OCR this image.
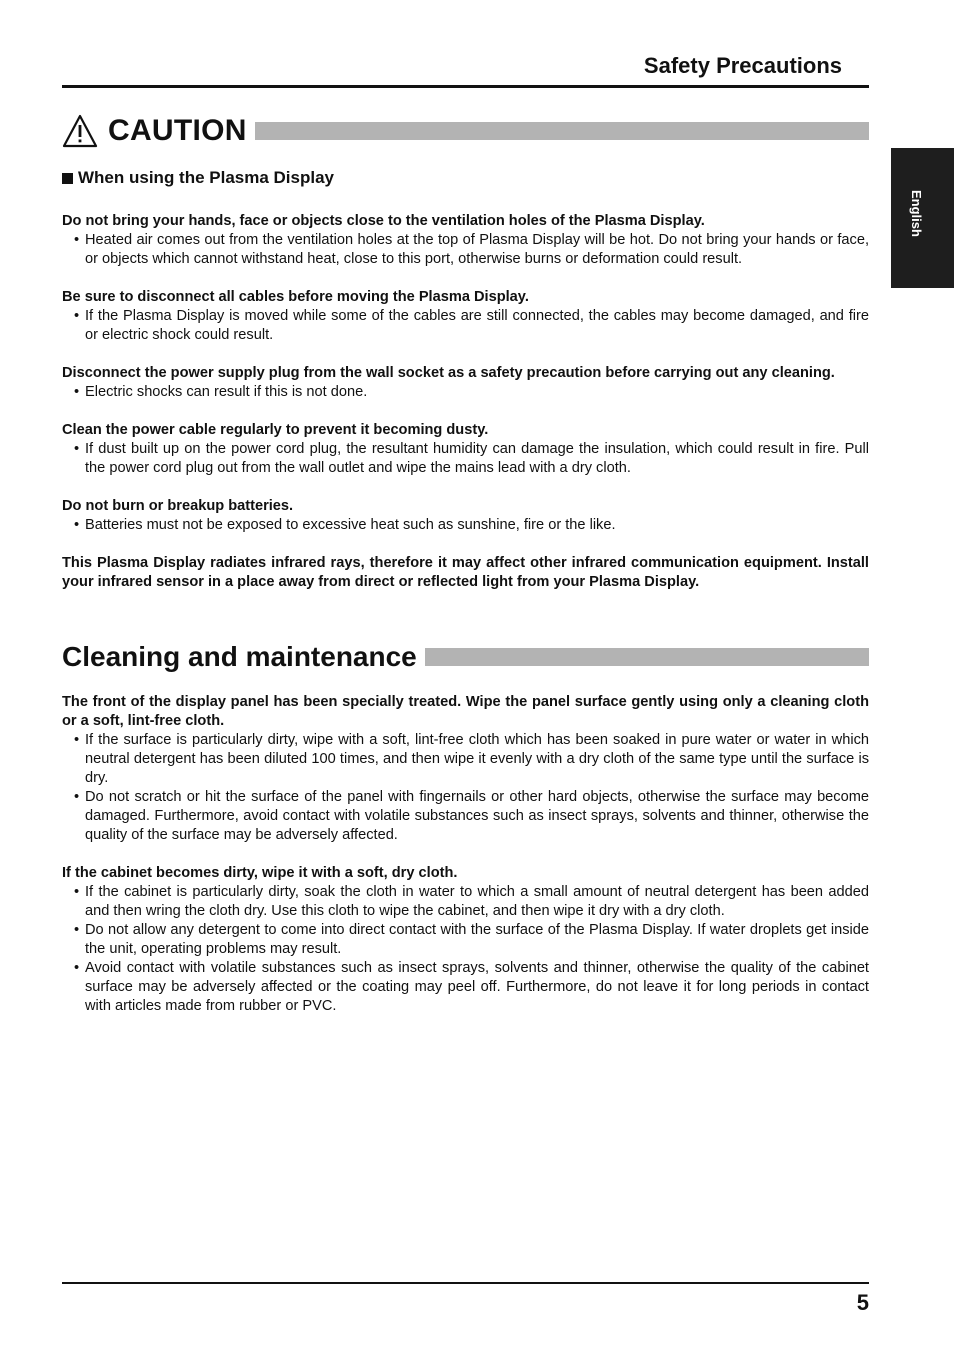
Safety Precautions
English
CAUTION
When using the Plasma Display

Do not bring your hands, face or objects close to the ventilation holes of the Plasma Display.

• Heated air comes out from the ventilation holes at the top of Plasma Display will be hot. Do not bring your hands or face, or objects which cannot withstand heat, close to this port, otherwise burns or deformation could result.

Be sure to disconnect all cables before moving the Plasma Display.

• If the Plasma Display is moved while some of the cables are still connected, the cables may become damaged, and fire or electric shock could result.

Disconnect the power supply plug from the wall socket as a safety precaution before carrying out any cleaning.

• Electric shocks can result if this is not done.

Clean the power cable regularly to prevent it becoming dusty.

• If dust built up on the power cord plug, the resultant humidity can damage the insulation, which could result in fire. Pull the power cord plug out from the wall outlet and wipe the mains lead with a dry cloth.

Do not burn or breakup batteries.

• Batteries must not be exposed to excessive heat such as sunshine, fire or the like.

This Plasma Display radiates infrared rays, therefore it may affect other infrared communication equipment. Install your infrared sensor in a place away from direct or reflected light from your Plasma Display.

Cleaning and maintenance

The front of the display panel has been specially treated. Wipe the panel surface gently using only a cleaning cloth or a soft, lint-free cloth.

• If the surface is particularly dirty, wipe with a soft, lint-free cloth which has been soaked in pure water or water in which neutral detergent has been diluted 100 times, and then wipe it evenly with a dry cloth of the same type until the surface is dry.
• Do not scratch or hit the surface of the panel with fingernails or other hard objects, otherwise the surface may become damaged. Furthermore, avoid contact with volatile substances such as insect sprays, solvents and thinner, otherwise the quality of the surface may be adversely affected.

If the cabinet becomes dirty, wipe it with a soft, dry cloth.

• If the cabinet is particularly dirty, soak the cloth in water to which a small amount of neutral detergent has been added and then wring the cloth dry. Use this cloth to wipe the cabinet, and then wipe it dry with a dry cloth.
• Do not allow any detergent to come into direct contact with the surface of the Plasma Display. If water droplets get inside the unit, operating problems may result.
• Avoid contact with volatile substances such as insect sprays, solvents and thinner, otherwise the quality of the cabinet surface may be adversely affected or the coating may peel off. Furthermore, do not leave it for long periods in contact with articles made from rubber or PVC.
5
